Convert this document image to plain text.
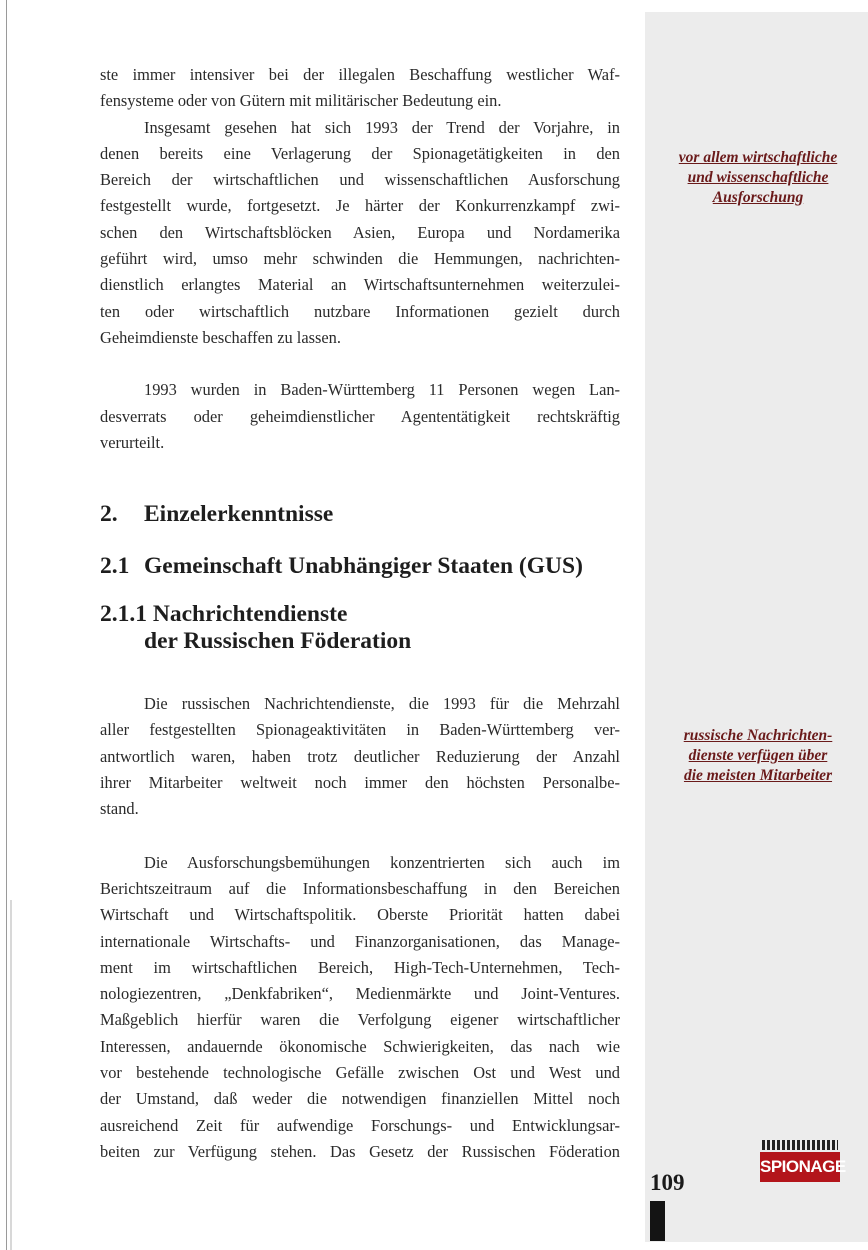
ste immer intensiver bei der illegalen Beschaffung westlicher Waf-
fensysteme oder von Gütern mit militärischer Bedeutung ein.

Insgesamt gesehen hat sich 1993 der Trend der Vorjahre, in
denen bereits eine Verlagerung der Spionagetätigkeiten in den
Bereich der wirtschaftlichen und wissenschaftlichen Ausforschung
festgestellt wurde, fortgesetzt. Je härter der Konkurrenzkampf zwi-
schen den Wirtschaftsblöcken Asien, Europa und Nordamerika
geführt wird, umso mehr schwinden die Hemmungen, nachrichten-
dienstlich erlangtes Material an Wirtschaftsunternehmen weiterzulei-
ten oder wirtschaftlich nutzbare Informationen gezielt durch
Geheimdienste beschaffen zu lassen.

1993 wurden in Baden-Württemberg 11 Personen wegen Lan-
desverrats oder geheimdienstlicher Agententätigkeit rechtskräftig
verurteilt.

2. Einzelerkenntnisse
2.1 Gemeinschaft Unabhängiger Staaten (GUS)
2.1.1 Nachrichtendienste
der Russischen Föderation

Die russischen Nachrichtendienste, die 1993 für die Mehrzahl
aller festgestellten Spionageaktivitäten in Baden-Württemberg ver-
antwortlich waren, haben trotz deutlicher Reduzierung der Anzahl
ihrer Mitarbeiter weltweit noch immer den höchsten Personalbe-
stand.

Die Ausforschungsbemühungen konzentrierten sich auch im
Berichtszeitraum auf die Informationsbeschaffung in den Bereichen
Wirtschaft und Wirtschaftspolitik. Oberste Priorität hatten dabei
internationale Wirtschafts- und Finanzorganisationen, das Manage-
ment im wirtschaftlichen Bereich, High-Tech-Unternehmen, Tech-
nologiezentren, „Denkfabriken“, Medienmärkte und Joint-Ventures.
Maßgeblich hierfür waren die Verfolgung eigener wirtschaftlicher
Interessen, andauernde ökonomische Schwierigkeiten, das nach wie
vor bestehende technologische Gefälle zwischen Ost und West und
der Umstand, daß weder die notwendigen finanziellen Mittel noch
ausreichend Zeit für aufwendige Forschungs- und Entwicklungsar-
beiten zur Verfügung stehen. Das Gesetz der Russischen Föderation

vor allem wirtschaftliche
und wissenschaftliche
Ausforschung
russische Nachrichten-
dienste verfügen über
die meisten Mitarbeiter
109
SPIONAGE
